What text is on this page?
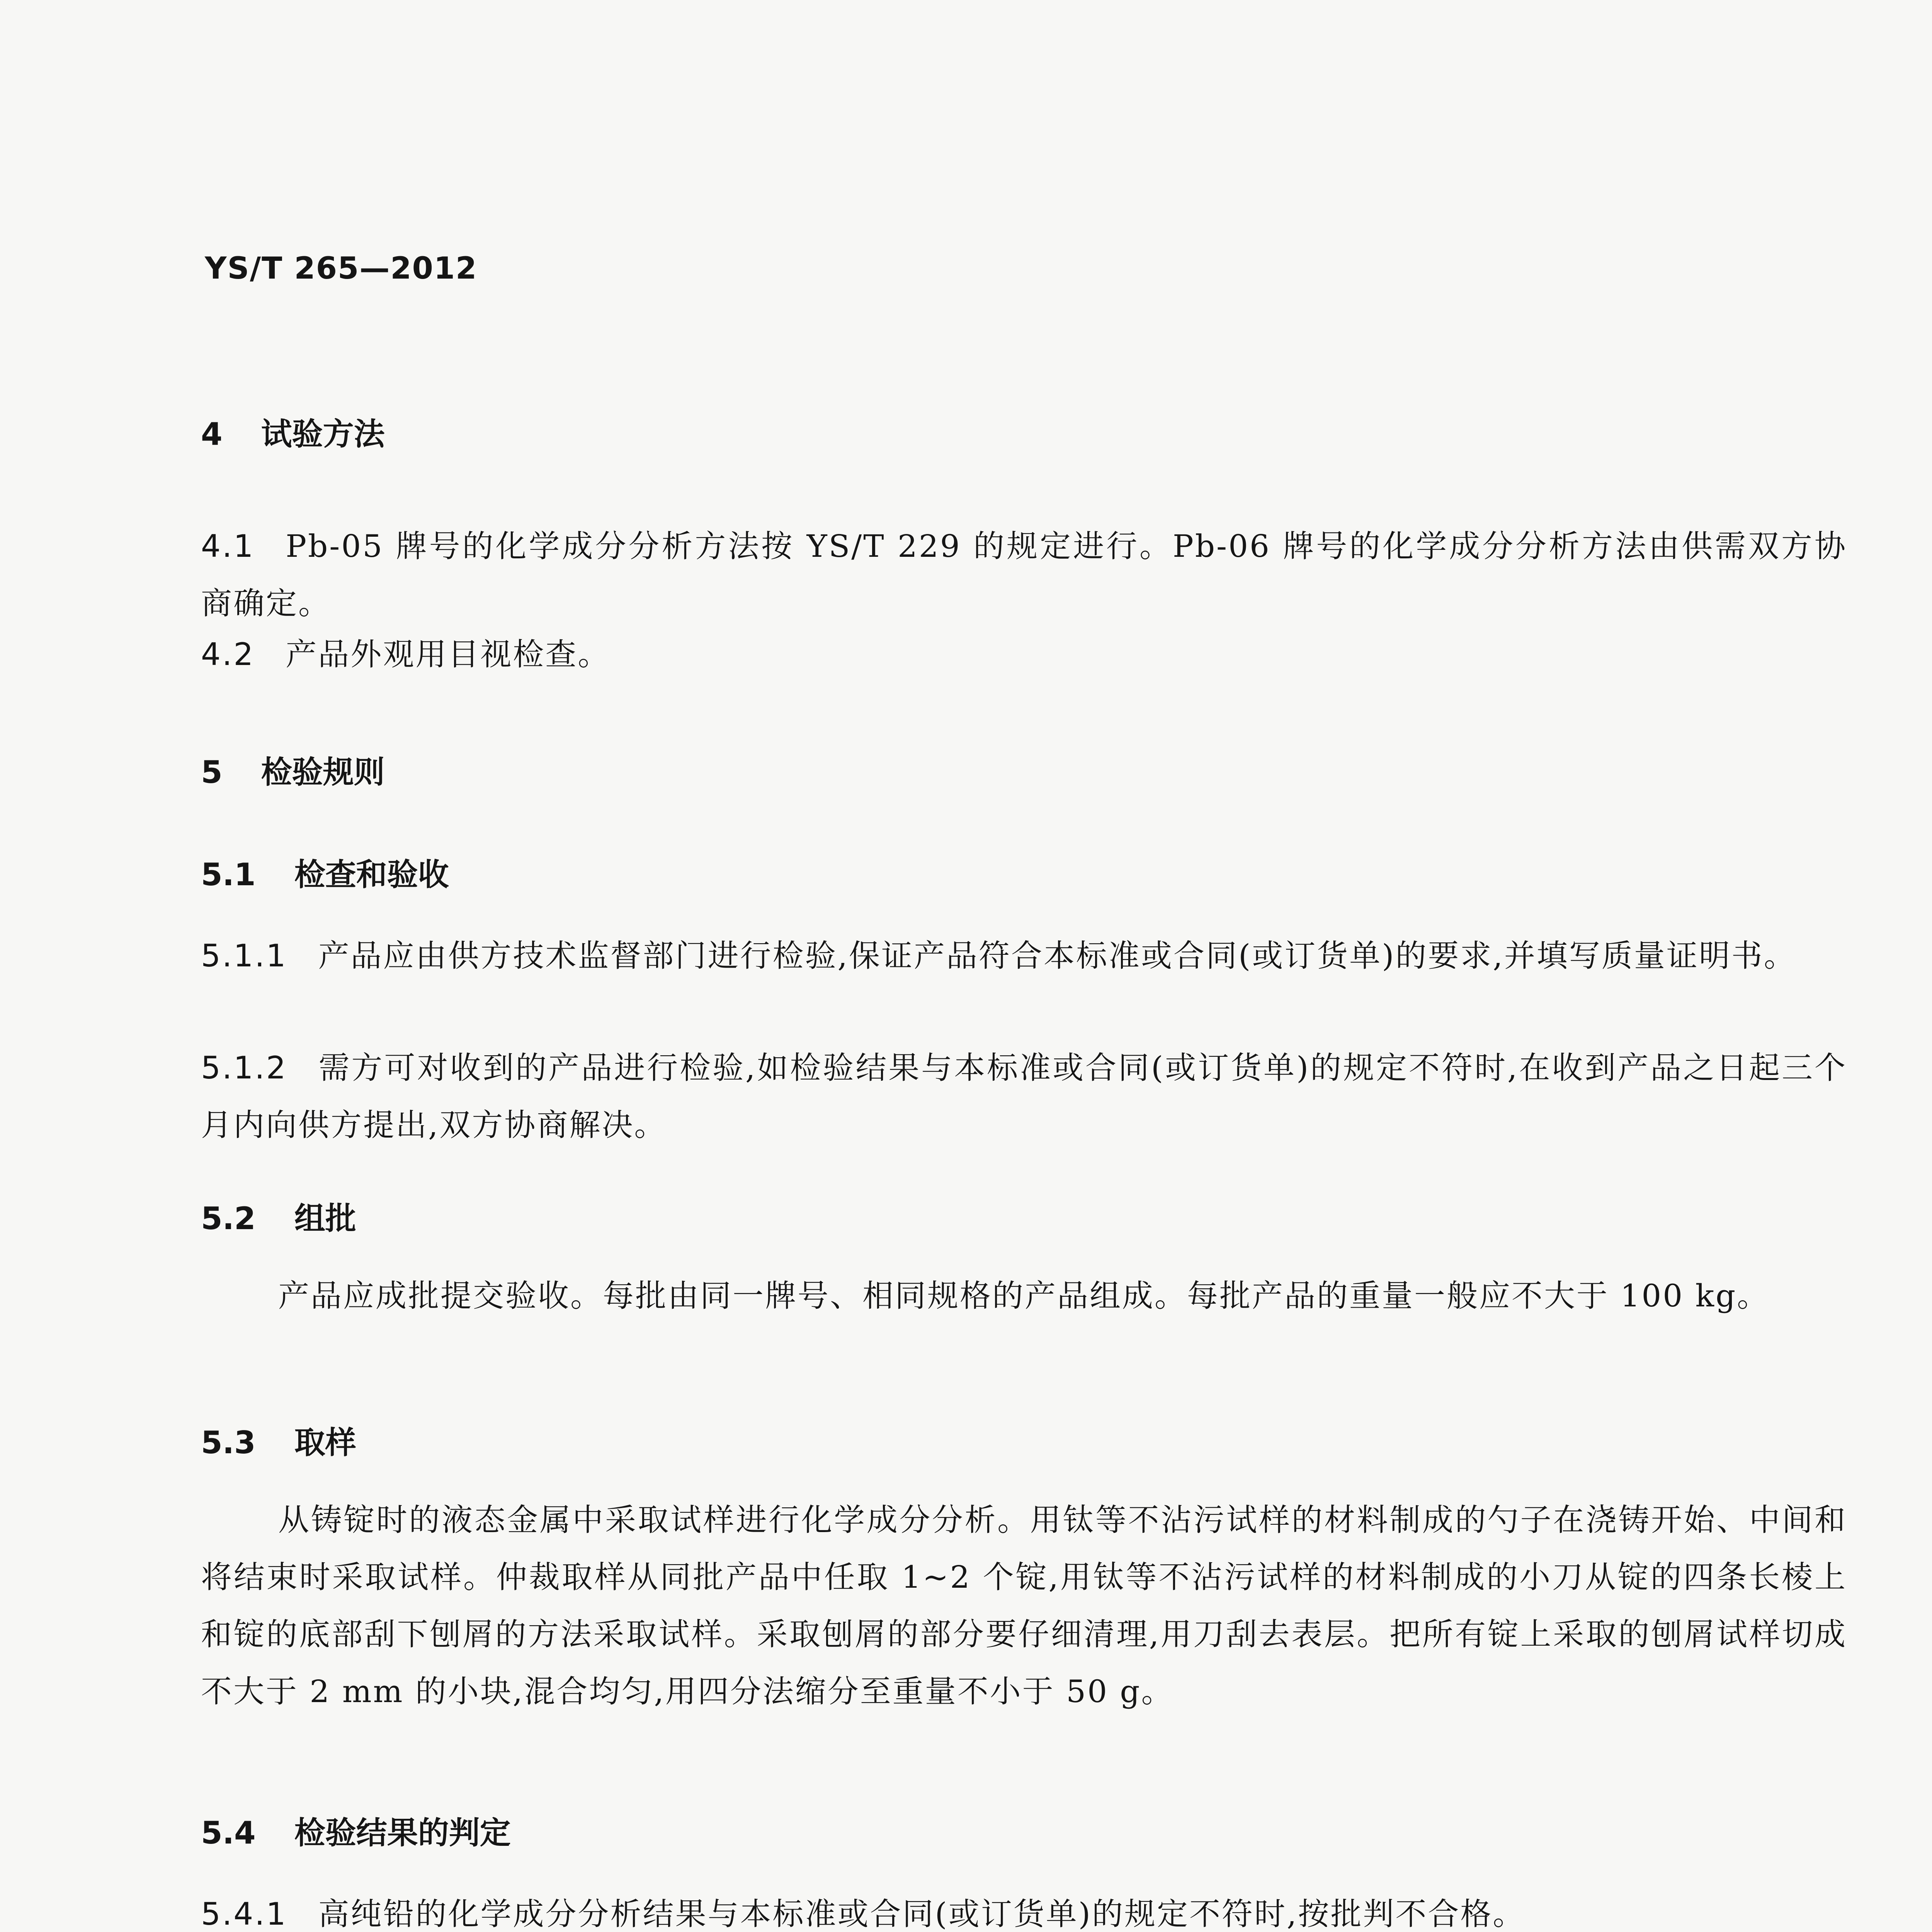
YS/T 265—2012
4 试验方法
4.1 Pb-05 牌号的化学成分分析方法按 YS/T 229 的规定进行。Pb-06 牌号的化学成分分析方法由供需双方协商确定。
4.2 产品外观用目视检查。
5 检验规则
5.1 检查和验收
5.1.1 产品应由供方技术监督部门进行检验,保证产品符合本标准或合同(或订货单)的要求,并填写质量证明书。
5.1.2 需方可对收到的产品进行检验,如检验结果与本标准或合同(或订货单)的规定不符时,在收到产品之日起三个月内向供方提出,双方协商解决。
5.2 组批
产品应成批提交验收。每批由同一牌号、相同规格的产品组成。每批产品的重量一般应不大于 100 kg。
5.3 取样
从铸锭时的液态金属中采取试样进行化学成分分析。用钛等不沾污试样的材料制成的勺子在浇铸开始、中间和将结束时采取试样。仲裁取样从同批产品中任取 1~2 个锭,用钛等不沾污试样的材料制成的小刀从锭的四条长棱上和锭的底部刮下刨屑的方法采取试样。采取刨屑的部分要仔细清理,用刀刮去表层。把所有锭上采取的刨屑试样切成不大于 2 mm 的小块,混合均匀,用四分法缩分至重量不小于 50 g。
5.4 检验结果的判定
5.4.1 高纯铅的化学成分分析结果与本标准或合同(或订货单)的规定不符时,按批判不合格。
